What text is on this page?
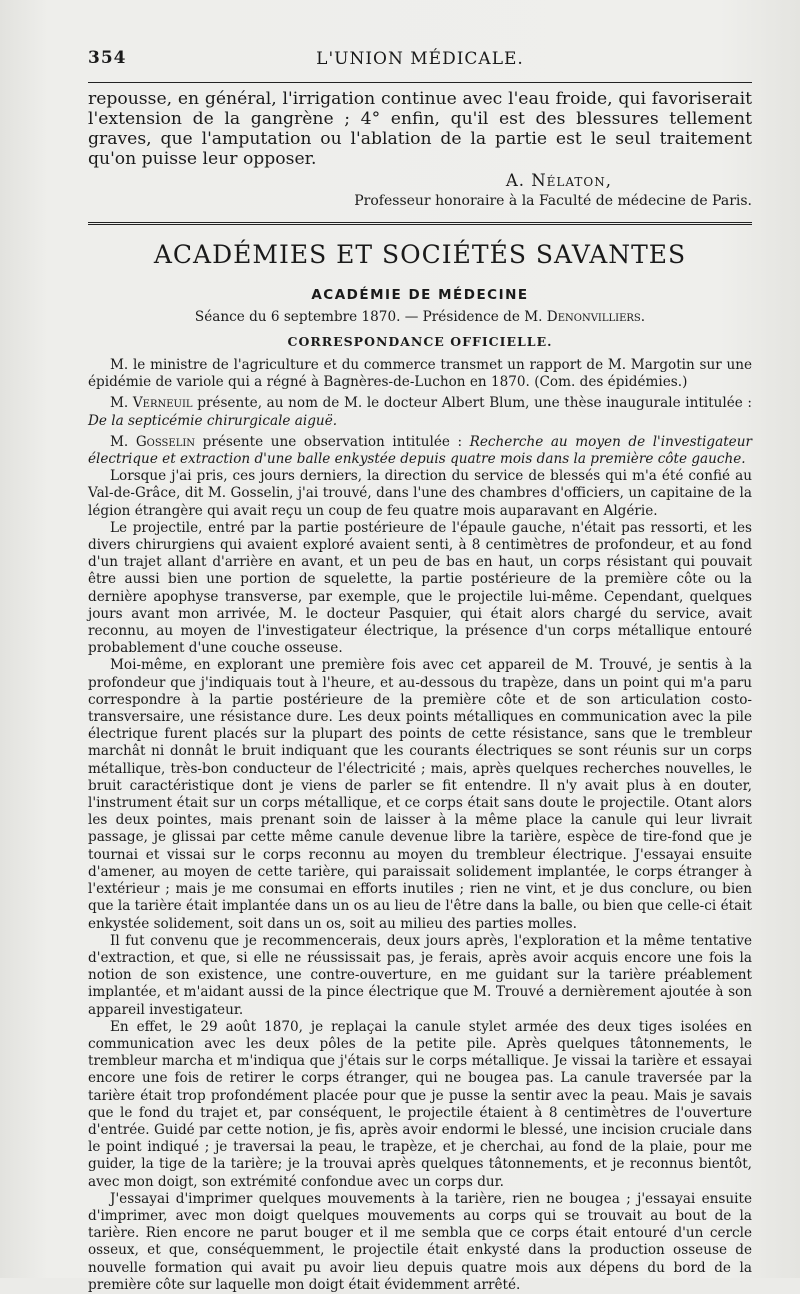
354	L'UNION MÉDICALE.

repousse, en général, l'irrigation continue avec l'eau froide, qui favoriserait l'extension de la gangrène ; 4° enfin, qu'il est des blessures tellement graves, que l'amputation ou l'ablation de la partie est le seul traitement qu'on puisse leur opposer.

A. Nélaton,
Professeur honoraire à la Faculté de médecine de Paris.
ACADÉMIES ET SOCIÉTÉS SAVANTES
ACADÉMIE DE MÉDECINE
Séance du 6 septembre 1870. — Présidence de M. Denonvilliers.
CORRESPONDANCE OFFICIELLE.

M. le ministre de l'agriculture et du commerce transmet un rapport de M. Margotin sur une épidémie de variole qui a régné à Bagnères-de-Luchon en 1870. (Com. des épidémies.)

M. Verneuil présente, au nom de M. le docteur Albert Blum, une thèse inaugurale intitulée : De la septicémie chirurgicale aiguë.

M. Gosselin présente une observation intitulée : Recherche au moyen de l'investigateur électrique et extraction d'une balle enkystée depuis quatre mois dans la première côte gauche.

Lorsque j'ai pris, ces jours derniers, la direction du service de blessés qui m'a été confié au Val-de-Grâce, dit M. Gosselin, j'ai trouvé, dans l'une des chambres d'officiers, un capitaine de la légion étrangère qui avait reçu un coup de feu quatre mois auparavant en Algérie.

Le projectile, entré par la partie postérieure de l'épaule gauche, n'était pas ressorti, et les divers chirurgiens qui avaient exploré avaient senti, à 8 centimètres de profondeur, et au fond d'un trajet allant d'arrière en avant, et un peu de bas en haut, un corps résistant qui pouvait être aussi bien une portion de squelette, la partie postérieure de la première côte ou la dernière apophyse transverse, par exemple, que le projectile lui-même. Cependant, quelques jours avant mon arrivée, M. le docteur Pasquier, qui était alors chargé du service, avait reconnu, au moyen de l'investigateur électrique, la présence d'un corps métallique entouré probablement d'une couche osseuse.

Moi-même, en explorant une première fois avec cet appareil de M. Trouvé, je sentis à la profondeur que j'indiquais tout à l'heure, et au-dessous du trapèze, dans un point qui m'a paru correspondre à la partie postérieure de la première côte et de son articulation costo-transversaire, une résistance dure. Les deux points métalliques en communication avec la pile électrique furent placés sur la plupart des points de cette résistance, sans que le trembleur marchât ni donnât le bruit indiquant que les courants électriques se sont réunis sur un corps métallique, très-bon conducteur de l'électricité ; mais, après quelques recherches nouvelles, le bruit caractéristique dont je viens de parler se fit entendre. Il n'y avait plus à en douter, l'instrument était sur un corps métallique, et ce corps était sans doute le projectile. Otant alors les deux pointes, mais prenant soin de laisser à la même place la canule qui leur livrait passage, je glissai par cette même canule devenue libre la tarière, espèce de tire-fond que je tournai et vissai sur le corps reconnu au moyen du trembleur électrique. J'essayai ensuite d'amener, au moyen de cette tarière, qui paraissait solidement implantée, le corps étranger à l'extérieur ; mais je me consumai en efforts inutiles ; rien ne vint, et je dus conclure, ou bien que la tarière était implantée dans un os au lieu de l'être dans la balle, ou bien que celle-ci était enkystée solidement, soit dans un os, soit au milieu des parties molles.

Il fut convenu que je recommencerais, deux jours après, l'exploration et la même tentative d'extraction, et que, si elle ne réussissait pas, je ferais, après avoir acquis encore une fois la notion de son existence, une contre-ouverture, en me guidant sur la tarière préablement implantée, et m'aidant aussi de la pince électrique que M. Trouvé a dernièrement ajoutée à son appareil investigateur.

En effet, le 29 août 1870, je replaçai la canule stylet armée des deux tiges isolées en communication avec les deux pôles de la petite pile. Après quelques tâtonnements, le trembleur marcha et m'indiqua que j'étais sur le corps métallique. Je vissai la tarière et essayai encore une fois de retirer le corps étranger, qui ne bougea pas. La canule traversée par la tarière était trop profondément placée pour que je pusse la sentir avec la peau. Mais je savais que le fond du trajet et, par conséquent, le projectile étaient à 8 centimètres de l'ouverture d'entrée. Guidé par cette notion, je fis, après avoir endormi le blessé, une incision cruciale dans le point indiqué ; je traversai la peau, le trapèze, et je cherchai, au fond de la plaie, pour me guider, la tige de la tarière; je la trouvai après quelques tâtonnements, et je reconnus bientôt, avec mon doigt, son extrémité confondue avec un corps dur.

J'essayai d'imprimer quelques mouvements à la tarière, rien ne bougea ; j'essayai ensuite d'imprimer, avec mon doigt quelques mouvements au corps qui se trouvait au bout de la tarière. Rien encore ne parut bouger et il me sembla que ce corps était entouré d'un cercle osseux, et que, conséquemment, le projectile était enkysté dans la production osseuse de nouvelle formation qui avait pu avoir lieu depuis quatre mois aux dépens du bord de la première côte sur laquelle mon doigt était évidemment arrêté.
